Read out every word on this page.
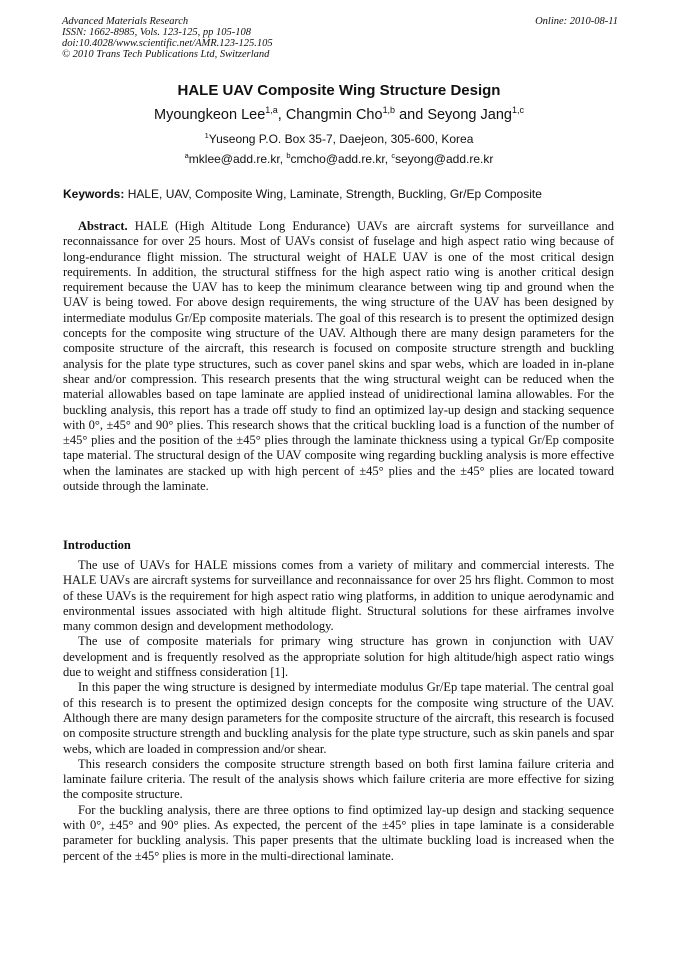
Advanced Materials Research
ISSN: 1662-8985, Vols. 123-125, pp 105-108
doi:10.4028/www.scientific.net/AMR.123-125.105
© 2010 Trans Tech Publications Ltd, Switzerland
Online: 2010-08-11
HALE UAV Composite Wing Structure Design
Myoungkeon Lee$^{1,a}$, Changmin Cho$^{1,b}$ and Seyong Jang$^{1,c}$
$^1$Yuseong P.O. Box 35-7, Daejeon, 305-600, Korea
$^a$mklee@add.re.kr, $^b$cmcho@add.re.kr, $^c$seyong@add.re.kr
Keywords: HALE, UAV, Composite Wing, Laminate, Strength, Buckling, Gr/Ep Composite

Abstract. HALE (High Altitude Long Endurance) UAVs are aircraft systems for surveillance and reconnaissance for over 25 hours. Most of UAVs consist of fuselage and high aspect ratio wing because of long-endurance flight mission. The structural weight of HALE UAV is one of the most critical design requirements. In addition, the structural stiffness for the high aspect ratio wing is another critical design requirement because the UAV has to keep the minimum clearance between wing tip and ground when the UAV is being towed. For above design requirements, the wing structure of the UAV has been designed by intermediate modulus Gr/Ep composite materials. The goal of this research is to present the optimized design concepts for the composite wing structure of the UAV. Although there are many design parameters for the composite structure of the aircraft, this research is focused on composite structure strength and buckling analysis for the plate type structures, such as cover panel skins and spar webs, which are loaded in in-plane shear and/or compression. This research presents that the wing structural weight can be reduced when the material allowables based on tape laminate are applied instead of unidirectional lamina allowables. For the buckling analysis, this report has a trade off study to find an optimized lay-up design and stacking sequence with 0°, ±45° and 90° plies. This research shows that the critical buckling load is a function of the number of ±45° plies and the position of the ±45° plies through the laminate thickness using a typical Gr/Ep composite tape material. The structural design of the UAV composite wing regarding buckling analysis is more effective when the laminates are stacked up with high percent of ±45° plies and the ±45° plies are located toward outside through the laminate.

Introduction

The use of UAVs for HALE missions comes from a variety of military and commercial interests. The HALE UAVs are aircraft systems for surveillance and reconnaissance for over 25 hrs flight. Common to most of these UAVs is the requirement for high aspect ratio wing platforms, in addition to unique aerodynamic and environmental issues associated with high altitude flight. Structural solutions for these airframes involve many common design and development methodology.

The use of composite materials for primary wing structure has grown in conjunction with UAV development and is frequently resolved as the appropriate solution for high altitude/high aspect ratio wings due to weight and stiffness consideration [1].

In this paper the wing structure is designed by intermediate modulus Gr/Ep tape material. The central goal of this research is to present the optimized design concepts for the composite wing structure of the UAV. Although there are many design parameters for the composite structure of the aircraft, this research is focused on composite structure strength and buckling analysis for the plate type structure, such as skin panels and spar webs, which are loaded in compression and/or shear.

This research considers the composite structure strength based on both first lamina failure criteria and laminate failure criteria. The result of the analysis shows which failure criteria are more effective for sizing the composite structure.

For the buckling analysis, there are three options to find optimized lay-up design and stacking sequence with 0°, ±45° and 90° plies. As expected, the percent of the ±45° plies in tape laminate is a considerable parameter for buckling analysis. This paper presents that the ultimate buckling load is increased when the percent of the ±45° plies is more in the multi-directional laminate.
